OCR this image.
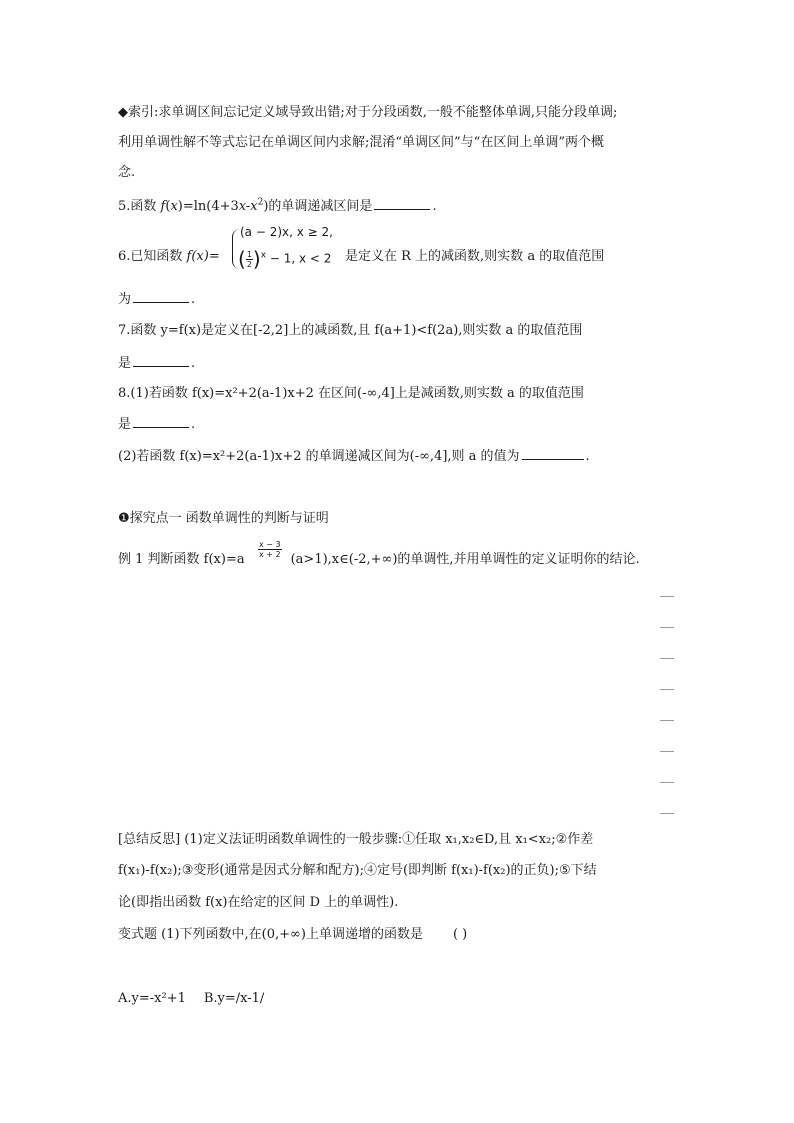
◆索引:求单调区间忘记定义域导致出错;对于分段函数,一般不能整体单调,只能分段单调;
利用单调性解不等式忘记在单调区间内求解;混淆“单调区间”与“在区间上单调”两个概
念.
5.函数 $f(x)=\ln(4+3x-x^2)$的单调递减区间是	.
6.已知函数 f(x)=
(a − 2)x, x ≥ 2,
( $\frac{1}{2} )^x - 1$, x < 2 是定义在 R 上的减函数,则实数 a 的取值范围
为	.
7.函数 y=f(x)是定义在[-2,2]上的减函数,且 f(a+1)<f(2a),则实数 a 的取值范围
是	.
8.(1)若函数 f(x)=x²+2(a-1)x+2 在区间(-∞,4]上是减函数,则实数 a 的取值范围
是	.
(2)若函数 f(x)=x²+2(a-1)x+2 的单调递减区间为(-∞,4],则 a 的值为	.
❶探究点一 函数单调性的判断与证明
例 1 判断函数 f(x)=a	(a>1),x∈(-2,+∞)的单调性,并用单调性的定义证明你的结论.
$\frac{x - 3}{x + 2}$
[总结反思] (1)定义法证明函数单调性的一般步骤:①任取 x₁,x₂∈D,且 x₁<x₂;②作差
f(x₁)-f(x₂);③变形(通常是因式分解和配方);④定号(即判断 f(x₁)-f(x₂)的正负);⑤下结
论(即指出函数 f(x)在给定的区间 D 上的单调性).
变式题 (1)下列函数中,在(0,+∞)上单调递增的函数是 ( )
A.y=-x²+1 B.y=/x-1/
